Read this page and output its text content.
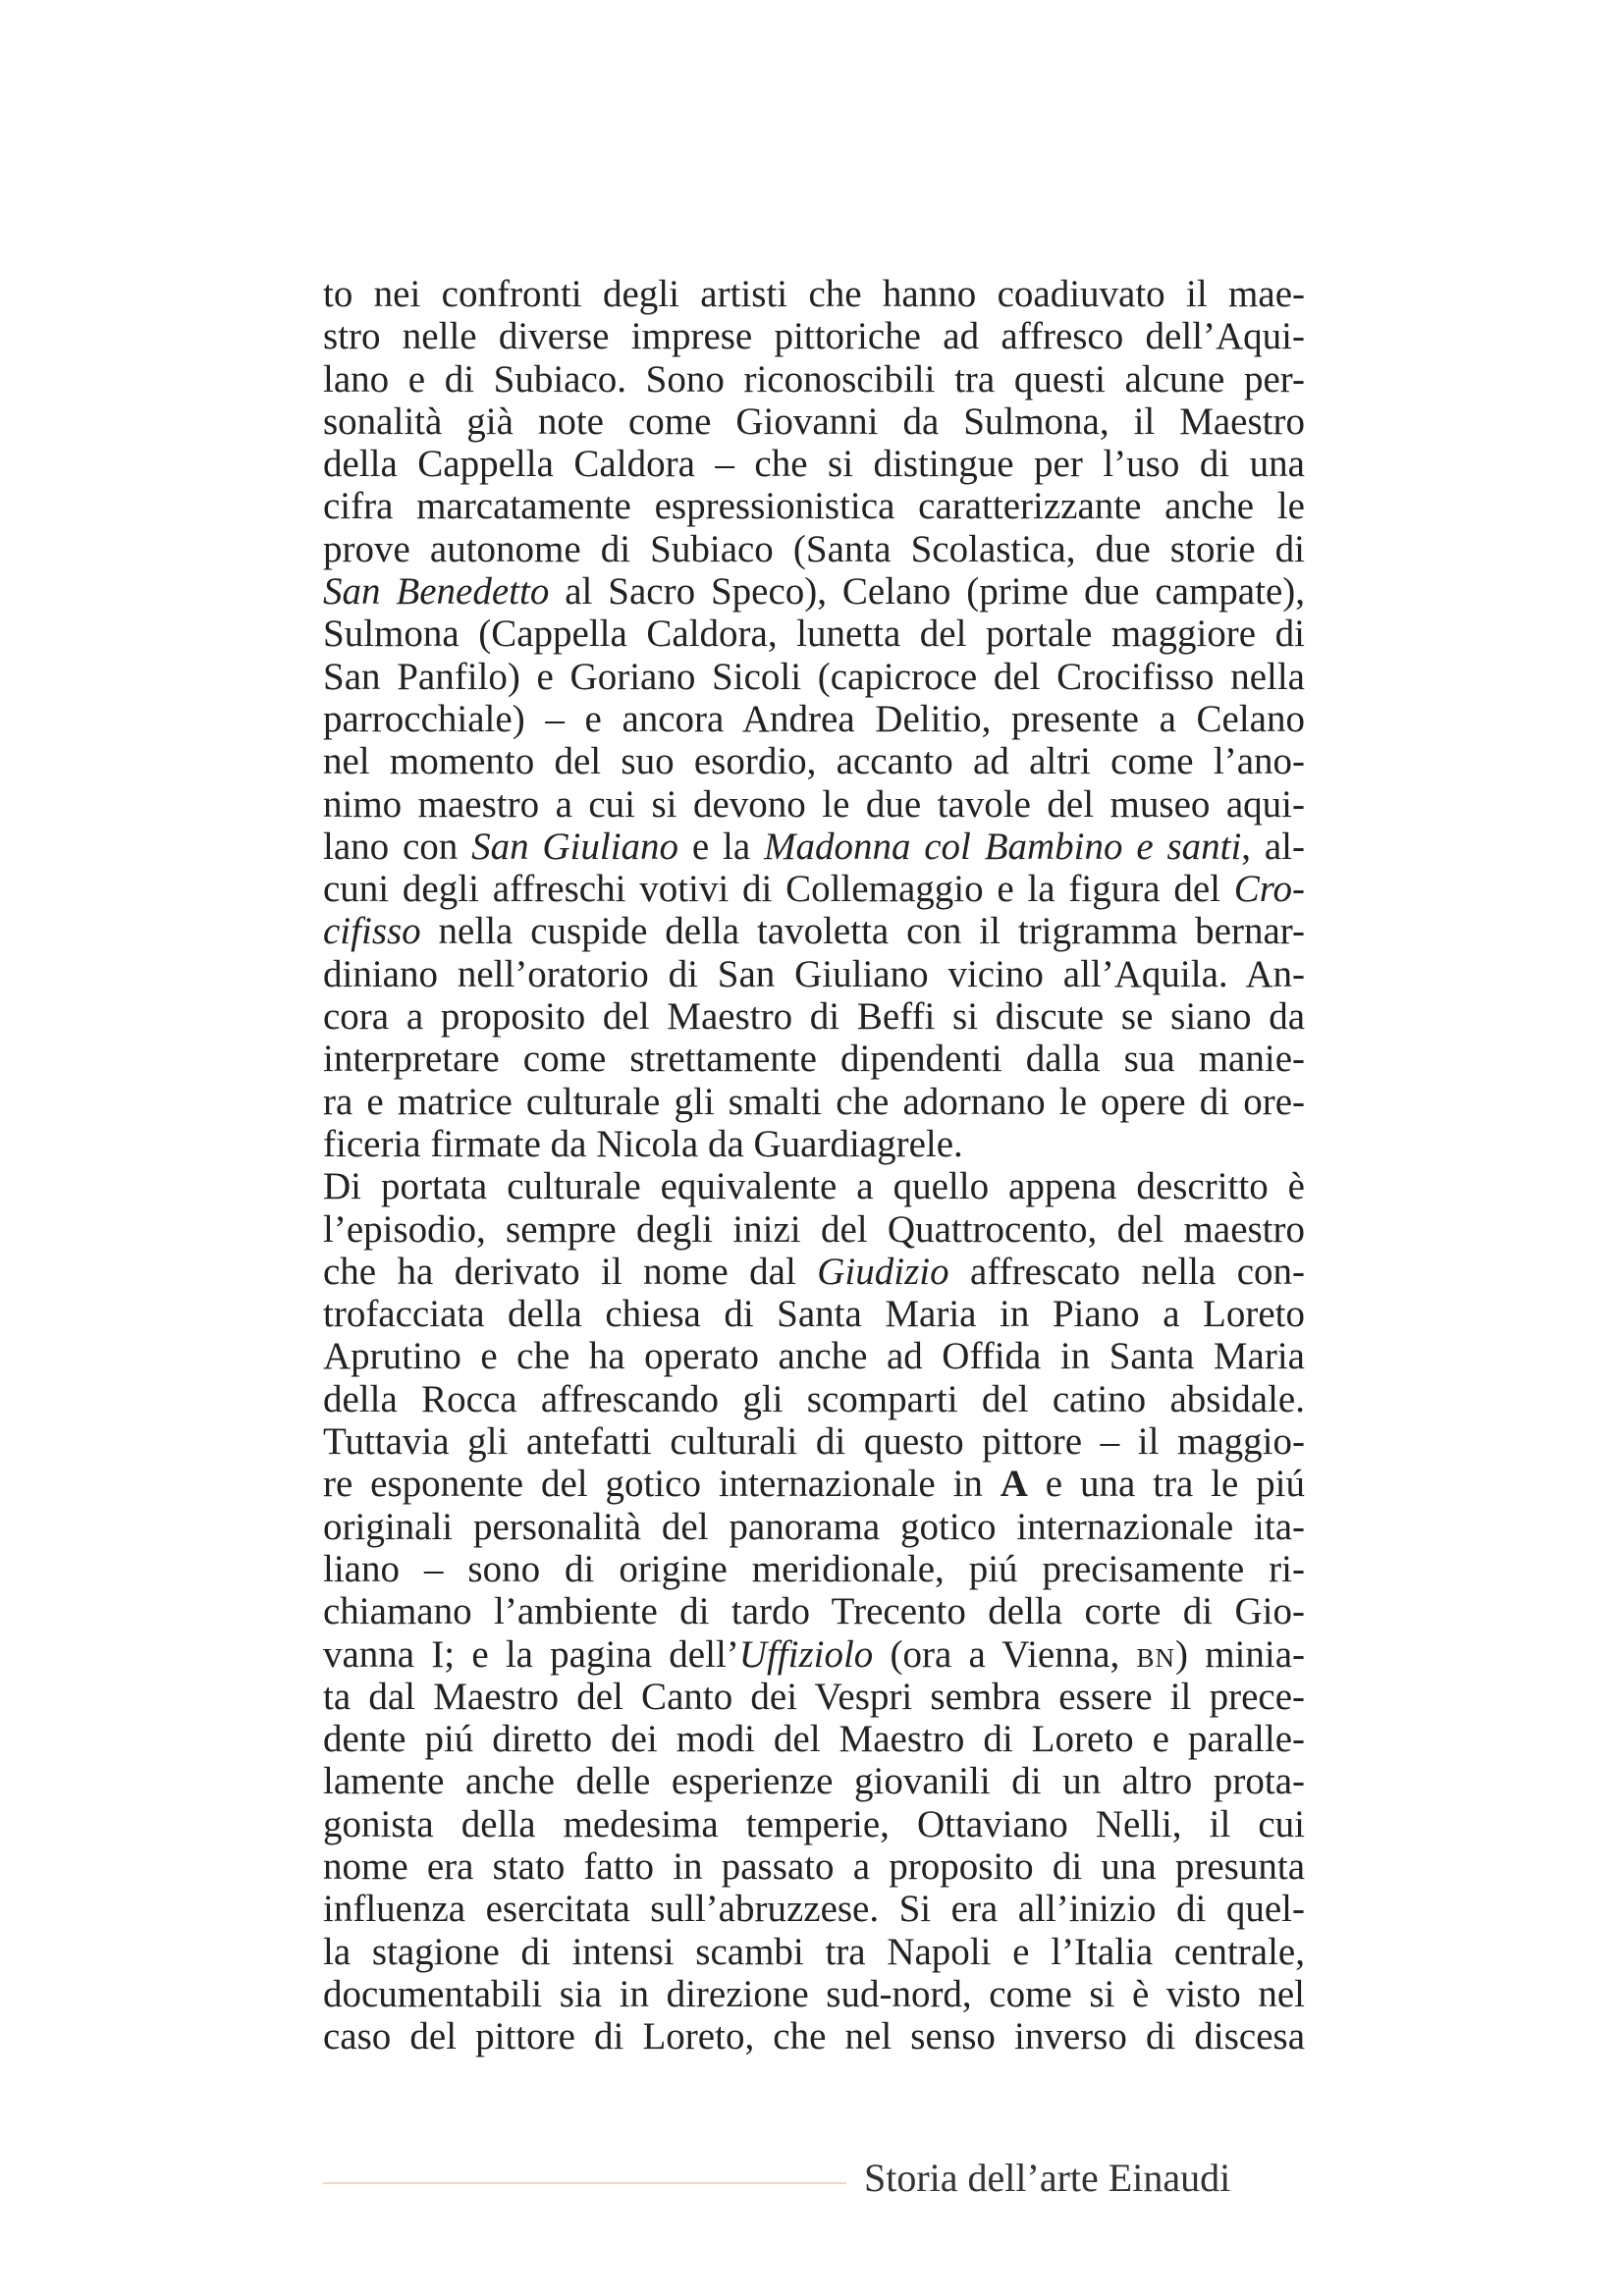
to nei confronti degli artisti che hanno coadiuvato il mae-
stro nelle diverse imprese pittoriche ad affresco dell’Aqui-
lano e di Subiaco. Sono riconoscibili tra questi alcune per-
sonalità già note come Giovanni da Sulmona, il Maestro
della Cappella Caldora – che si distingue per l’uso di una
cifra marcatamente espressionistica caratterizzante anche le
prove autonome di Subiaco (Santa Scolastica, due storie di
San Benedetto al Sacro Speco), Celano (prime due campate),
Sulmona (Cappella Caldora, lunetta del portale maggiore di
San Panfilo) e Goriano Sicoli (capicroce del Crocifisso nella
parrocchiale) – e ancora Andrea Delitio, presente a Celano
nel momento del suo esordio, accanto ad altri come l’ano-
nimo maestro a cui si devono le due tavole del museo aqui-
lano con San Giuliano e la Madonna col Bambino e santi, al-
cuni degli affreschi votivi di Collemaggio e la figura del Cro-
cifisso nella cuspide della tavoletta con il trigramma bernar-
diniano nell’oratorio di San Giuliano vicino all’Aquila. An-
cora a proposito del Maestro di Beffi si discute se siano da
interpretare come strettamente dipendenti dalla sua manie-
ra e matrice culturale gli smalti che adornano le opere di ore-
ficeria firmate da Nicola da Guardiagrele.
Di portata culturale equivalente a quello appena descritto è
l’episodio, sempre degli inizi del Quattrocento, del maestro
che ha derivato il nome dal Giudizio affrescato nella con-
trofacciata della chiesa di Santa Maria in Piano a Loreto
Aprutino e che ha operato anche ad Offida in Santa Maria
della Rocca affrescando gli scomparti del catino absidale.
Tuttavia gli antefatti culturali di questo pittore – il maggio-
re esponente del gotico internazionale in A e una tra le piú
originali personalità del panorama gotico internazionale ita-
liano – sono di origine meridionale, piú precisamente ri-
chiamano l’ambiente di tardo Trecento della corte di Gio-
vanna I; e la pagina dell’Uffiziolo (ora a Vienna, bn) minia-
ta dal Maestro del Canto dei Vespri sembra essere il prece-
dente piú diretto dei modi del Maestro di Loreto e paralle-
lamente anche delle esperienze giovanili di un altro prota-
gonista della medesima temperie, Ottaviano Nelli, il cui
nome era stato fatto in passato a proposito di una presunta
influenza esercitata sull’abruzzese. Si era all’inizio di quel-
la stagione di intensi scambi tra Napoli e l’Italia centrale,
documentabili sia in direzione sud-nord, come si è visto nel
caso del pittore di Loreto, che nel senso inverso di discesa
Storia dell’arte Einaudi
